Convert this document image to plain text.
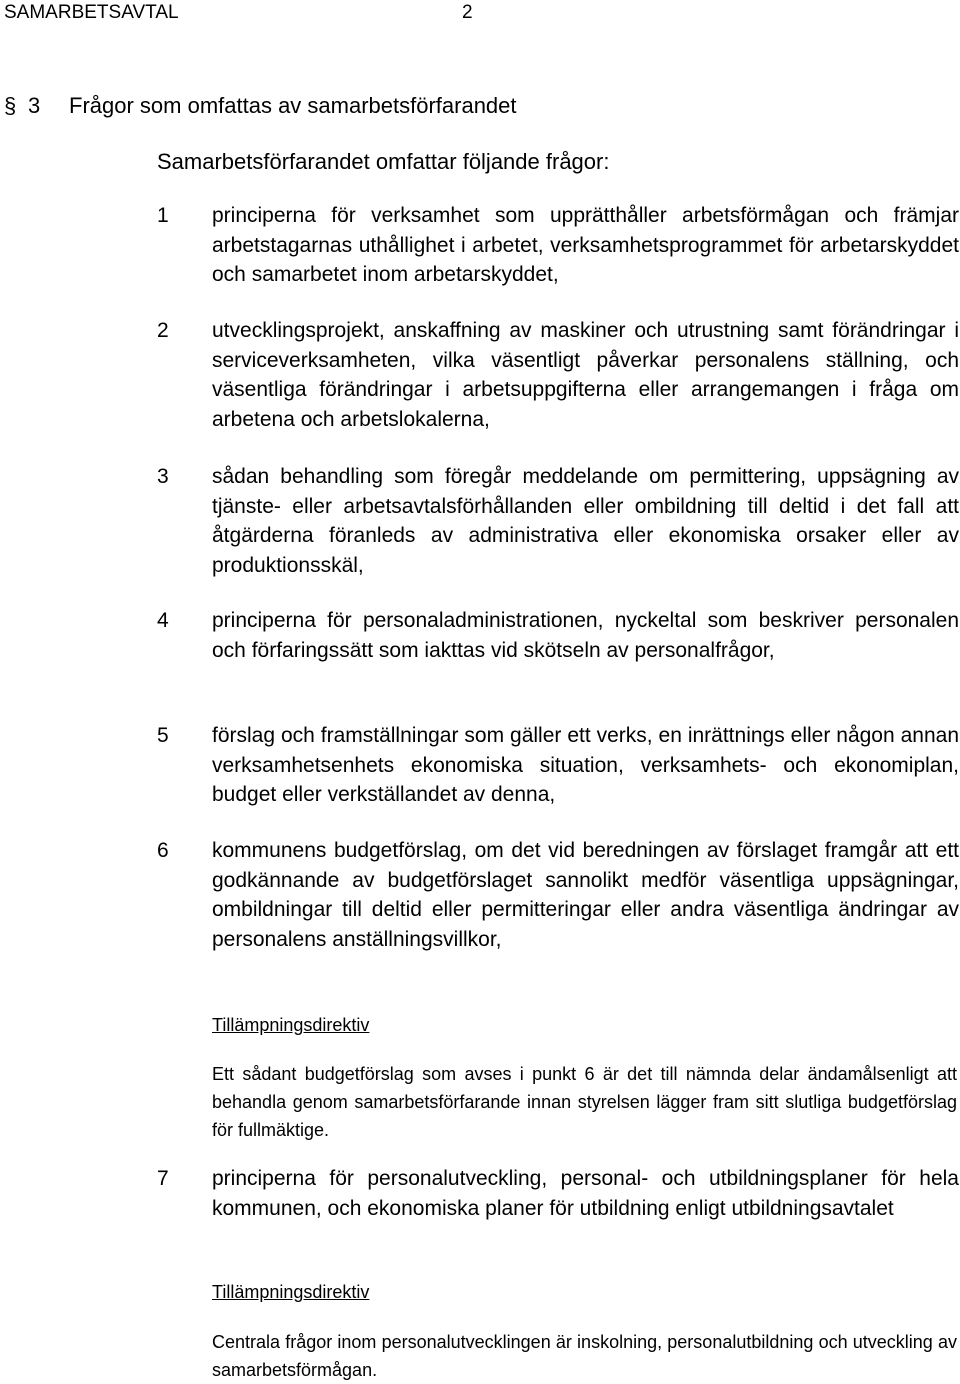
SAMARBETSAVTAL	2
§ 3 Frågor som omfattas av samarbetsförfarandet
Samarbetsförfarandet omfattar följande frågor:
1 principerna för verksamhet som upprätthåller arbetsförmågan och främjar arbetstagarnas uthållighet i arbetet, verksamhetsprogrammet för arbetarskyddet och samarbetet inom arbetarskyddet,
2 utvecklingsprojekt, anskaffning av maskiner och utrustning samt förändringar i serviceverksamheten, vilka väsentligt påverkar personalens ställning, och väsentliga förändringar i arbetsuppgifterna eller arrangemangen i fråga om arbetena och arbetslokalerna,
3 sådan behandling som föregår meddelande om permittering, uppsägning av tjänste- eller arbetsavtalsförhållanden eller ombildning till deltid i det fall att åtgärderna föranleds av administrativa eller ekonomiska orsaker eller av produktionsskäl,
4 principerna för personaladministrationen, nyckeltal som beskriver personalen och förfaringssätt som iakttas vid skötseln av personalfrågor,
5 förslag och framställningar som gäller ett verks, en inrättnings eller någon annan verksamhetsenhets ekonomiska situation, verksamhets- och ekonomiplan, budget eller verkställandet av denna,
6 kommunens budgetförslag, om det vid beredningen av förslaget framgår att ett godkännande av budgetförslaget sannolikt medför väsentliga uppsägningar, ombildningar till deltid eller permitteringar eller andra väsentliga ändringar av personalens anställningsvillkor,
Tillämpningsdirektiv
Ett sådant budgetförslag som avses i punkt 6 är det till nämnda delar ändamålsenligt att behandla genom samarbetsförfarande innan styrelsen lägger fram sitt slutliga budgetförslag för fullmäktige.
7 principerna för personalutveckling, personal- och utbildningsplaner för hela kommunen, och ekonomiska planer för utbildning enligt utbildningsavtalet
Tillämpningsdirektiv
Centrala frågor inom personalutvecklingen är inskolning, personalutbildning och utveckling av samarbetsförmågan.
